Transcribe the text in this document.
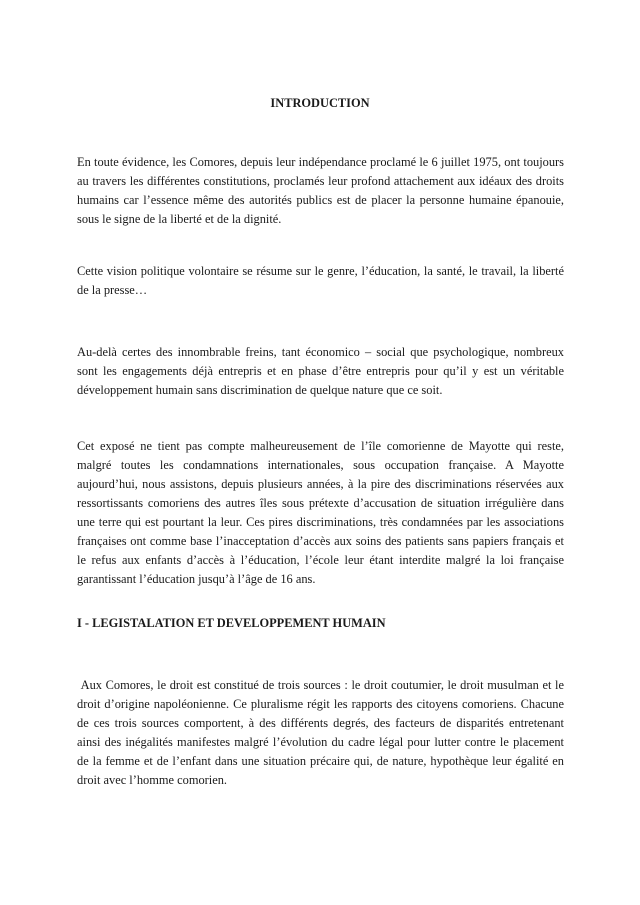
INTRODUCTION

En toute évidence, les Comores, depuis leur indépendance proclamé le 6 juillet 1975, ont toujours au travers les différentes constitutions, proclamés leur profond attachement aux idéaux des droits humains car l’essence même des autorités publics est de placer la personne humaine épanouie, sous le signe de la liberté et de la dignité.

Cette vision politique volontaire se résume sur le genre, l’éducation, la santé, le travail, la liberté de la presse…

Au-delà certes des innombrable freins, tant économico – social que psychologique, nombreux sont les engagements déjà entrepris et en phase d’être entrepris pour qu’il y est un véritable développement humain sans discrimination de quelque nature que ce soit.

Cet exposé ne tient pas compte malheureusement de l’île comorienne de Mayotte qui reste, malgré toutes les condamnations internationales, sous occupation française. A Mayotte aujourd’hui, nous assistons, depuis plusieurs années, à la pire des discriminations réservées aux ressortissants comoriens des autres îles sous prétexte d’accusation de situation irrégulière dans une terre qui est pourtant la leur. Ces pires discriminations, très condamnées par les associations françaises ont comme base l’inacceptation d’accès aux soins des patients sans papiers français et le refus aux enfants d’accès à l’éducation, l’école leur étant interdite malgré la loi française garantissant l’éducation jusqu’à l’âge de 16 ans.

I - LEGISTALATION ET DEVELOPPEMENT HUMAIN

Aux Comores, le droit est constitué de trois sources : le droit coutumier, le droit musulman et le droit d’origine napoléonienne. Ce pluralisme régit les rapports des citoyens comoriens. Chacune de ces trois sources comportent, à des différents degrés, des facteurs de disparités entretenant ainsi des inégalités manifestes malgré l’évolution du cadre légal pour lutter contre le placement de la femme et de l’enfant dans une situation précaire qui, de nature, hypothèque leur égalité en droit avec l’homme comorien.
